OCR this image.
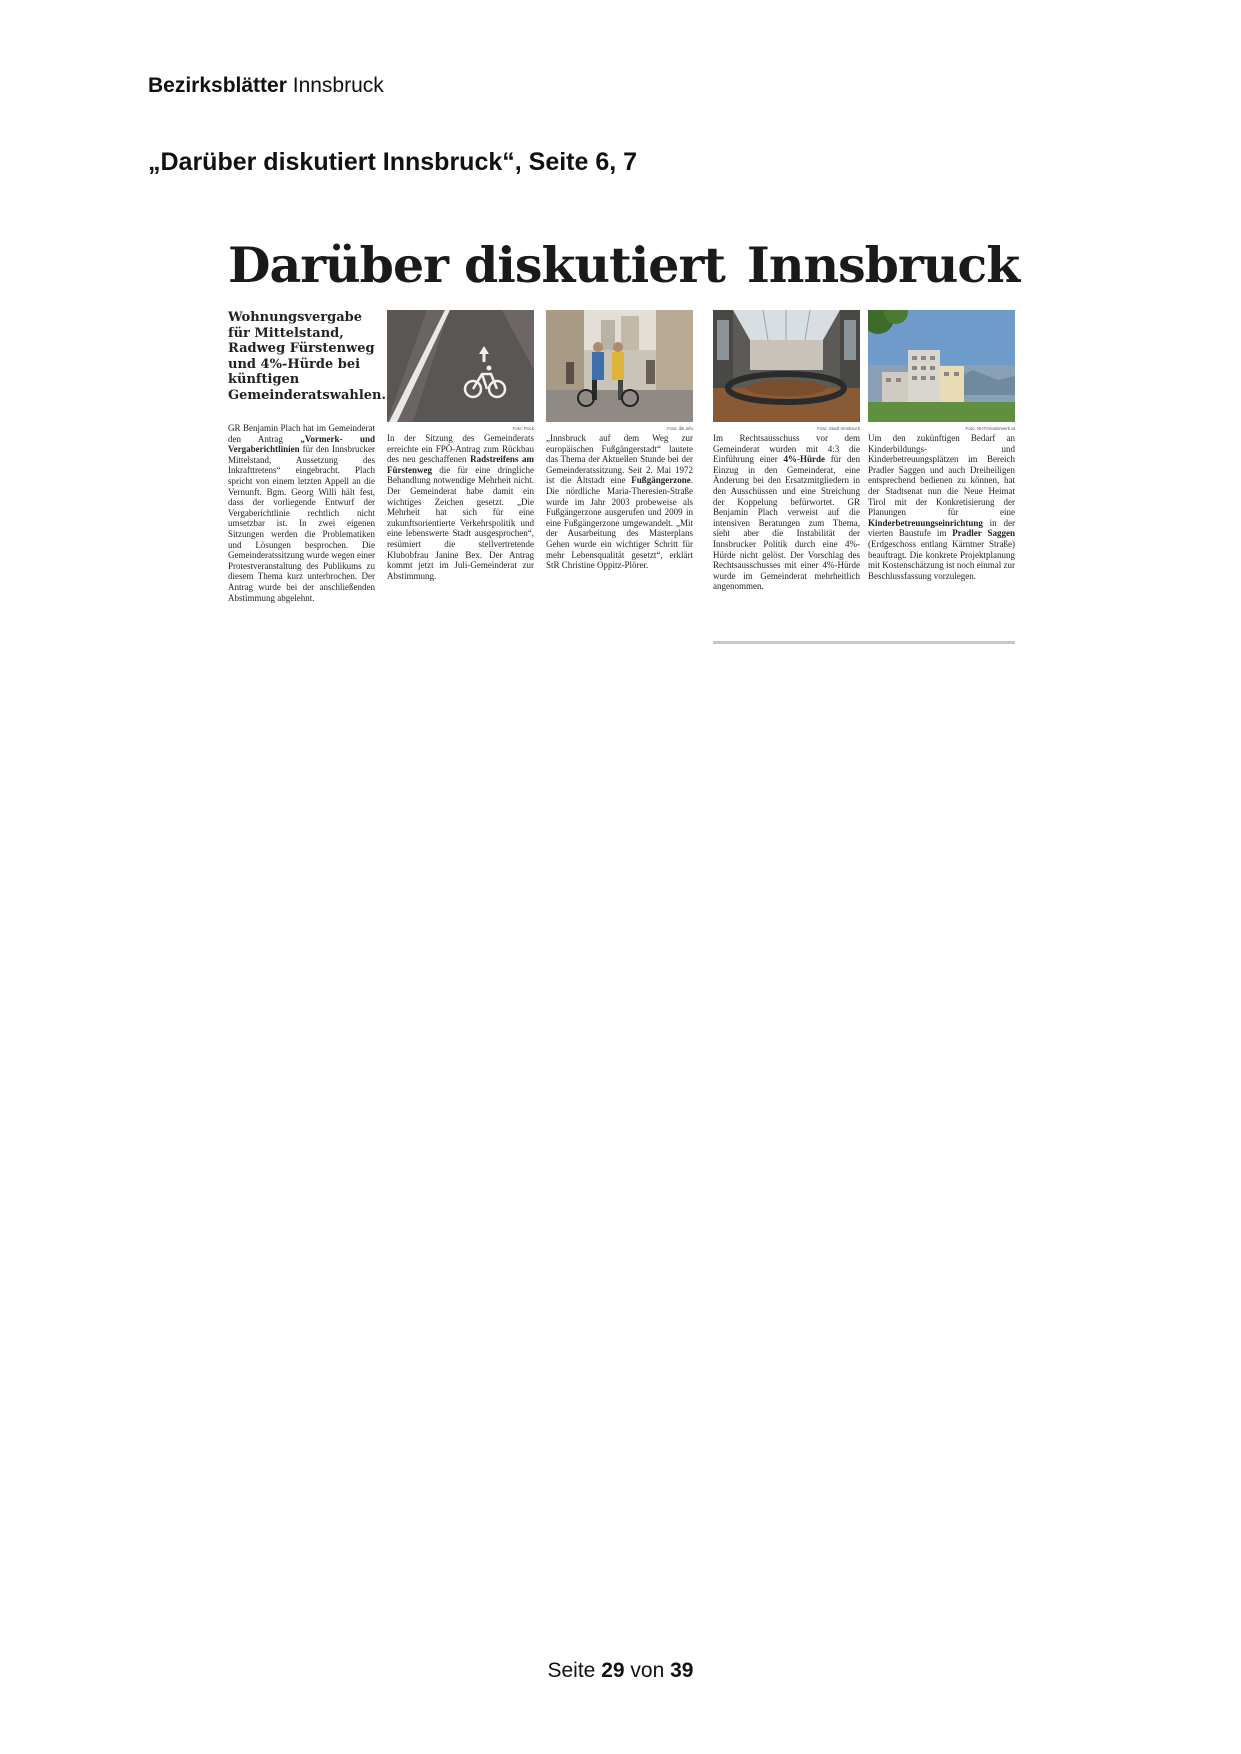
Bezirksblätter Innsbruck
„Darüber diskutiert Innsbruck“, Seite 6, 7
Darüber diskutiert Innsbruck
Wohnungsvergabe für Mittelstand, Radweg Fürstenweg und 4%-Hürde bei künftigen Gemeinderatswahlen.
GR Benjamin Plach hat im Gemeinderat den Antrag „Vormerk- und Vergaberichtlinien für den Innsbrucker Mittelstand, Aussetzung des Inkrafttretens“ eingebracht. Plach spricht von einem letzten Appell an die Vernunft. Bgm. Georg Willi hält fest, dass der vorliegende Entwurf der Vergaberichtlinie rechtlich nicht umsetzbar ist. In zwei eigenen Sitzungen werden die Problematiken und Lösungen besprochen. Die Gemeinderatssitzung wurde wegen einer Protestveranstaltung des Publikums zu diesem Thema kurz unterbrochen. Der Antrag wurde bei der anschließenden Abstimmung abgelehnt.
Foto: Pock
In der Sitzung des Gemeinderats erreichte ein FPÖ-Antrag zum Rückbau des neu geschaffenen Radstreifens am Fürstenweg die für eine dringliche Behandlung notwendige Mehrheit nicht. Der Gemeinderat habe damit ein wichtiges Zeichen gesetzt. „Die Mehrheit hat sich für eine zukunftsorientierte Verkehrspolitik und eine lebenswerte Stadt ausgesprochen“, resümiert die stellvertretende Klubobfrau Janine Bex. Der Antrag kommt jetzt im Juli-Gemeinderat zur Abstimmung.
Foto: ibk.info
„Innsbruck auf dem Weg zur europäischen Fußgängerstadt“ lautete das Thema der Aktuellen Stunde bei der Gemeinderatssitzung. Seit 2. Mai 1972 ist die Altstadt eine Fußgängerzone. Die nördliche Maria-Theresien-Straße wurde im Jahr 2003 probeweise als Fußgängerzone ausgerufen und 2009 in eine Fußgängerzone umgewandelt. „Mit der Ausarbeitung des Masterplans Gehen wurde ein wichtiger Schritt für mehr Lebensqualität gesetzt“, erklärt StR Christine Oppitz-Plörer.
Foto: Stadt Innsbruck
Im Rechtsausschuss vor dem Gemeinderat wurden mit 4:3 die Einführung einer 4%-Hürde für den Einzug in den Gemeinderat, eine Änderung bei den Ersatzmitgliedern in den Ausschüssen und eine Streichung der Koppelung befürwortet. GR Benjamin Plach verweist auf die intensiven Beratungen zum Thema, sieht aber die Instabilität der Innsbrucker Politik durch eine 4%-Hürde nicht gelöst. Der Vorschlag des Rechtsausschusses mit einer 4%-Hürde wurde im Gemeinderat mehrheitlich angenommen.
Foto: NHT/renderwerk.at
Um den zukünftigen Bedarf an Kinderbildungs- und Kinderbetreuungsplätzen im Bereich Pradler Saggen und auch Dreiheiligen entsprechend bedienen zu können, hat der Stadtsenat nun die Neue Heimat Tirol mit der Konkretisierung der Planungen für eine Kinderbetreuungseinrichtung in der vierten Baustufe im Pradler Saggen (Erdgeschoss entlang Kärntner Straße) beauftragt. Die konkrete Projektplanung mit Kostenschätzung ist noch einmal zur Beschlussfassung vorzulegen.
Seite 29 von 39
